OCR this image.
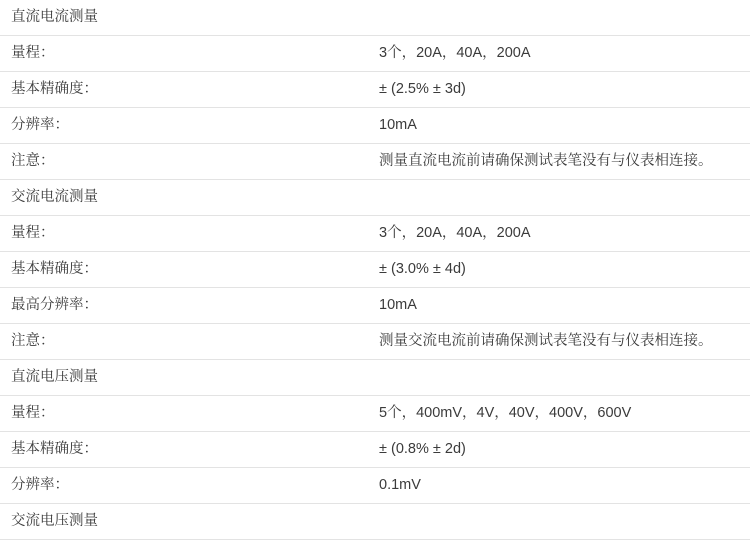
直流电流测量	
量程：	3个，20A，40A，200A
基本精确度：	± (2.5% ± 3d)
分辨率：	10mA
注意：	测量直流电流前请确保测试表笔没有与仪表相连接。
交流电流测量	
量程：	3个，20A，40A，200A
基本精确度：	± (3.0% ± 4d)
最高分辨率：	10mA
注意：	测量交流电流前请确保测试表笔没有与仪表相连接。
直流电压测量	
量程：	5个，400mV，4V，40V，400V，600V
基本精确度：	± (0.8% ± 2d)
分辨率：	0.1mV
交流电压测量	
